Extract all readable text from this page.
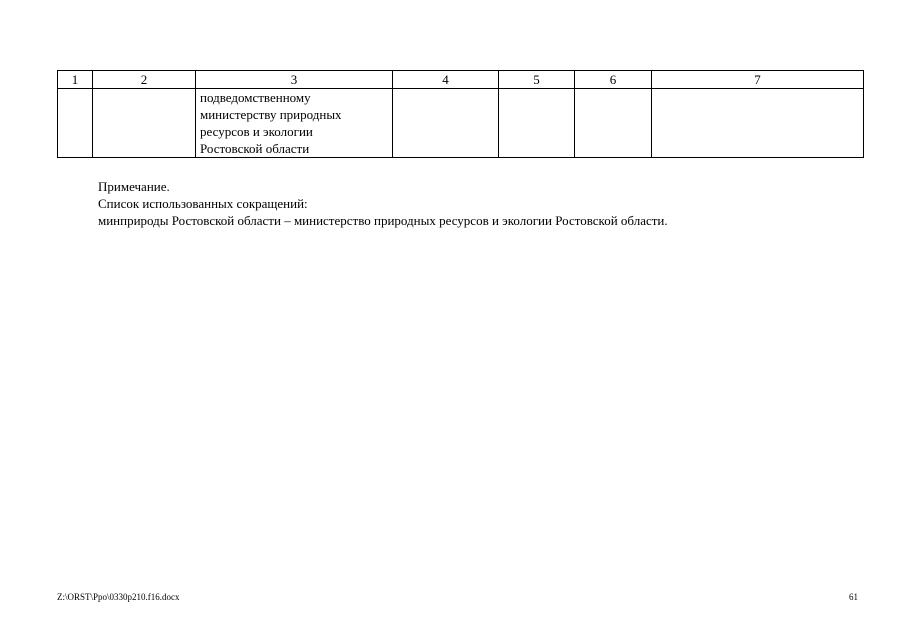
1	2	3	4	5	6	7

		подведомственному
министерству природных
ресурсов и экологии
Ростовской области				

Примечание.
Список использованных сокращений:
минприроды Ростовской области – министерство природных ресурсов и экологии Ростовской области.
Z:\ORST\Ppo\0330p210.f16.docx	61
